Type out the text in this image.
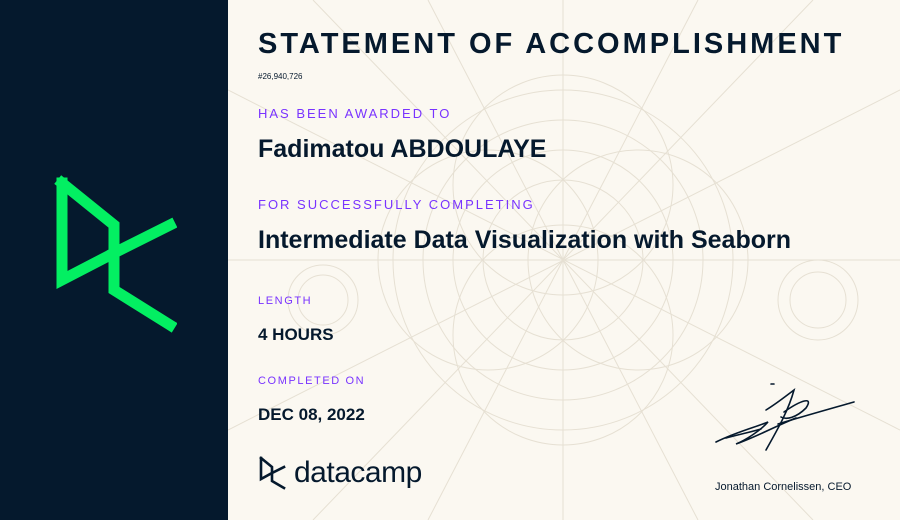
STATEMENT OF ACCOMPLISHMENT

#26,940,726

HAS BEEN AWARDED TO

Fadimatou ABDOULAYE

FOR SUCCESSFULLY COMPLETING

Intermediate Data Visualization with Seaborn

LENGTH

4 HOURS

COMPLETED ON

DEC 08, 2022

datacamp	Jonathan Cornelissen, CEO
